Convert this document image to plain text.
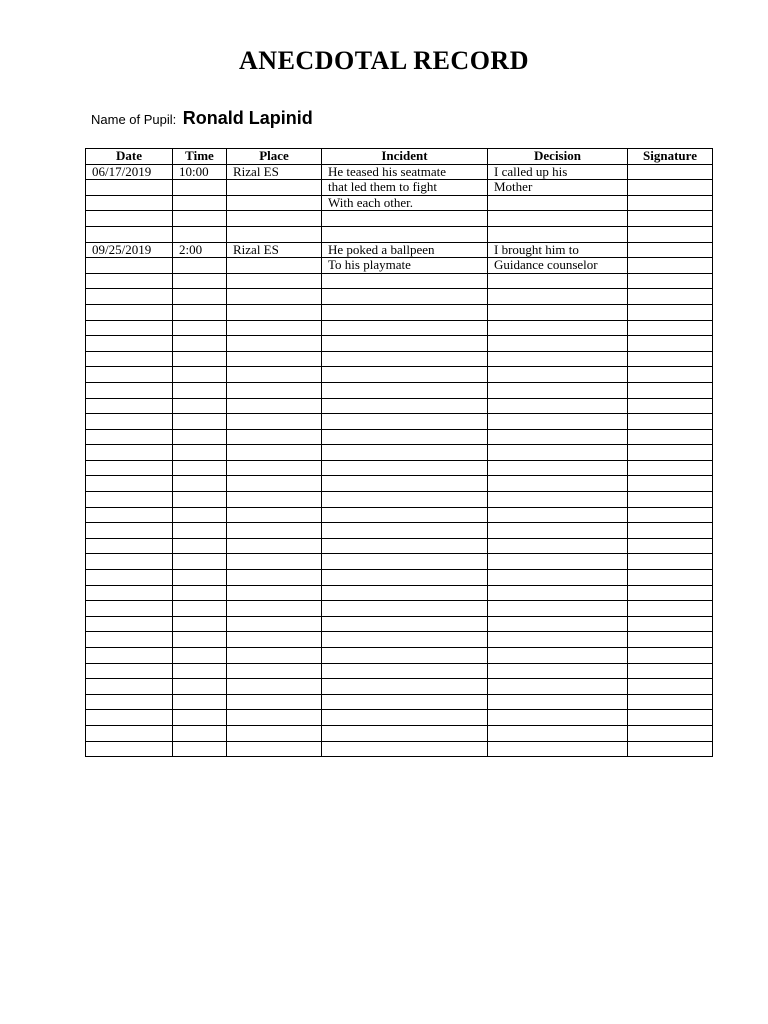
ANECDOTAL RECORD
Name of Pupil: Ronald Lapinid
Date	Time	Place	Incident	Decision	Signature
06/17/2019	10:00	Rizal ES	He teased his seatmate	I called up his	
			that led them to fight	Mother	
			With each other.		

09/25/2019	2:00	Rizal ES	He poked a ballpeen	I brought him to	
			To his playmate	Guidance counselor	
